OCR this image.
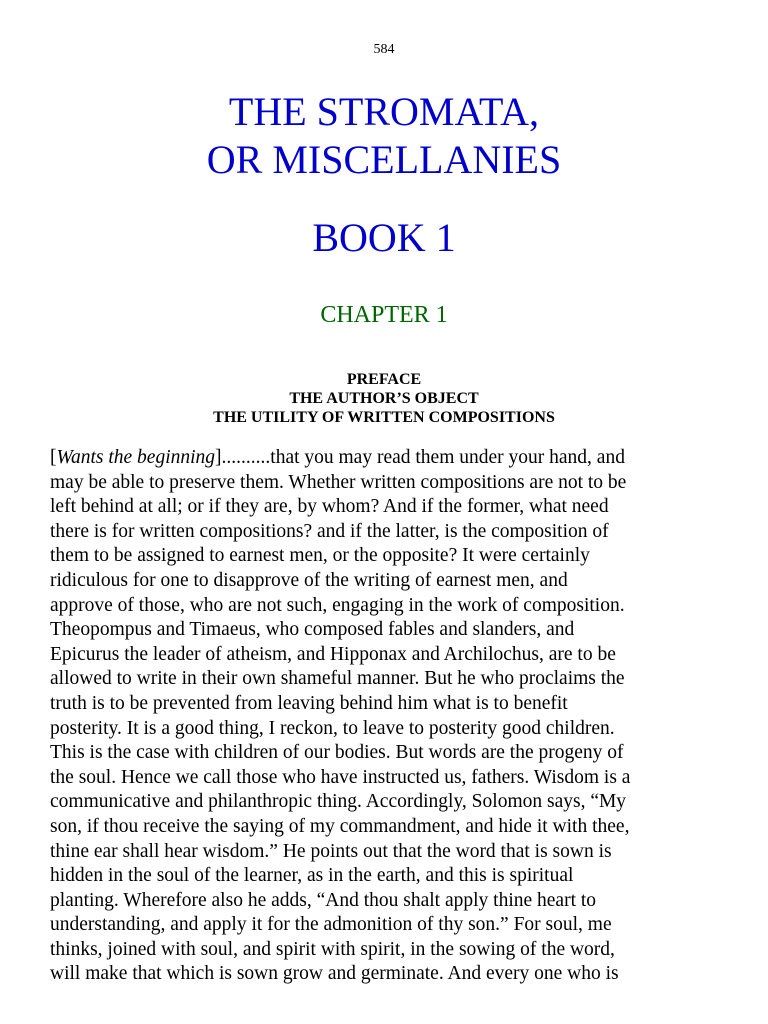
584
THE STROMATA,
OR MISCELLANIES
BOOK 1
CHAPTER 1
PREFACE
THE AUTHOR’S OBJECT
THE UTILITY OF WRITTEN COMPOSITIONS
[Wants the beginning]..........that you may read them under your hand, and
may be able to preserve them. Whether written compositions are not to be
left behind at all; or if they are, by whom? And if the former, what need
there is for written compositions? and if the latter, is the composition of
them to be assigned to earnest men, or the opposite? It were certainly
ridiculous for one to disapprove of the writing of earnest men, and
approve of those, who are not such, engaging in the work of composition.
Theopompus and Timaeus, who composed fables and slanders, and
Epicurus the leader of atheism, and Hipponax and Archilochus, are to be
allowed to write in their own shameful manner. But he who proclaims the
truth is to be prevented from leaving behind him what is to benefit
posterity. It is a good thing, I reckon, to leave to posterity good children.
This is the case with children of our bodies. But words are the progeny of
the soul. Hence we call those who have instructed us, fathers. Wisdom is a
communicative and philanthropic thing. Accordingly, Solomon says, “My
son, if thou receive the saying of my commandment, and hide it with thee,
thine ear shall hear wisdom.” He points out that the word that is sown is
hidden in the soul of the learner, as in the earth, and this is spiritual
planting. Wherefore also he adds, “And thou shalt apply thine heart to
understanding, and apply it for the admonition of thy son.” For soul, me
thinks, joined with soul, and spirit with spirit, in the sowing of the word,
will make that which is sown grow and germinate. And every one who is
